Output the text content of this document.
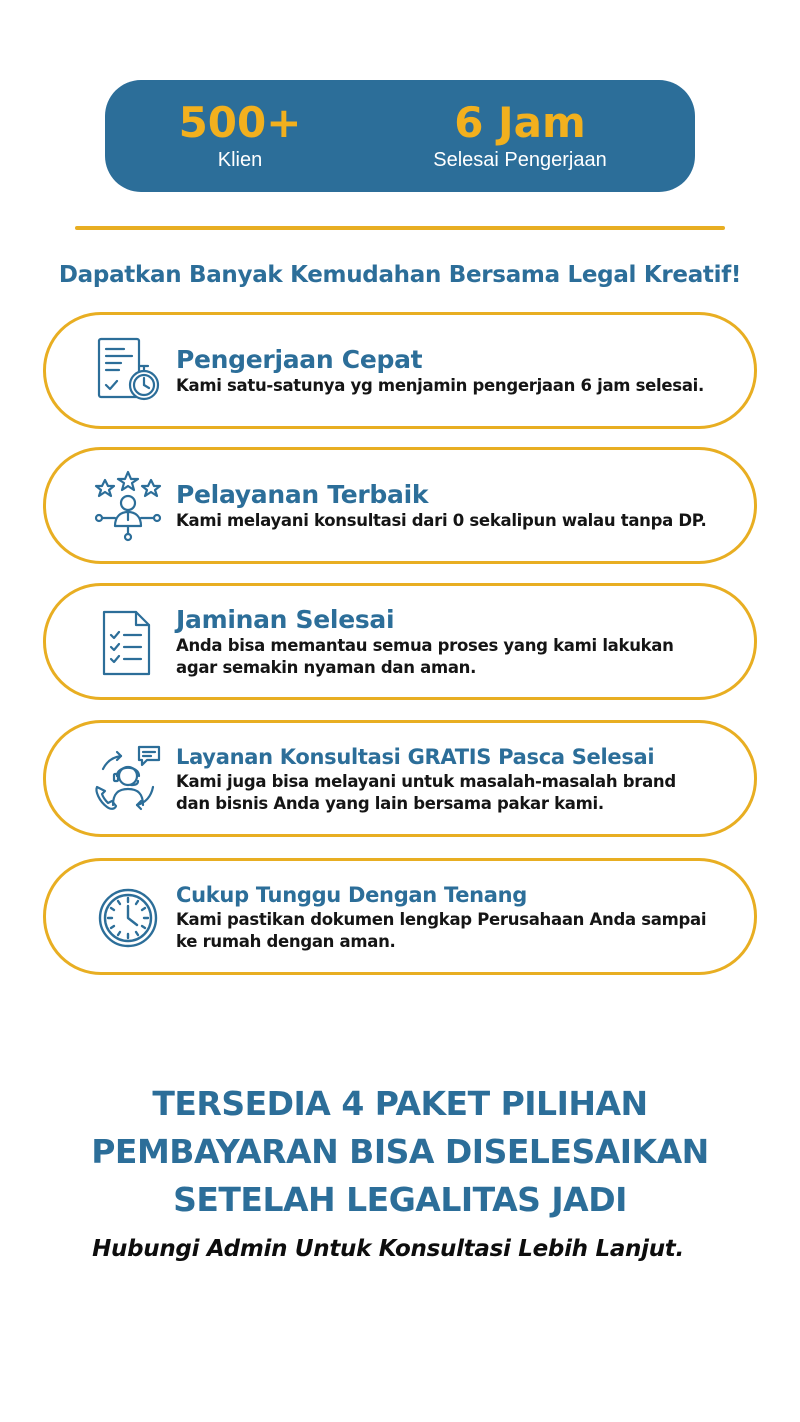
500+
Klien
6 Jam
Selesai Pengerjaan
Dapatkan Banyak Kemudahan Bersama Legal Kreatif!
Pengerjaan Cepat
Kami satu-satunya yg menjamin pengerjaan 6 jam selesai.
Pelayanan Terbaik
Kami melayani konsultasi dari 0 sekalipun walau tanpa DP.
Jaminan Selesai
Anda bisa memantau semua proses yang kami lakukan
agar semakin nyaman dan aman.
Layanan Konsultasi GRATIS Pasca Selesai
Kami juga bisa melayani untuk masalah-masalah brand
dan bisnis Anda yang lain bersama pakar kami.
Cukup Tunggu Dengan Tenang
Kami pastikan dokumen lengkap Perusahaan Anda sampai
ke rumah dengan aman.
TERSEDIA 4 PAKET PILIHAN
PEMBAYARAN BISA DISELESAIKAN
SETELAH LEGALITAS JADI
Hubungi Admin Untuk Konsultasi Lebih Lanjut.
